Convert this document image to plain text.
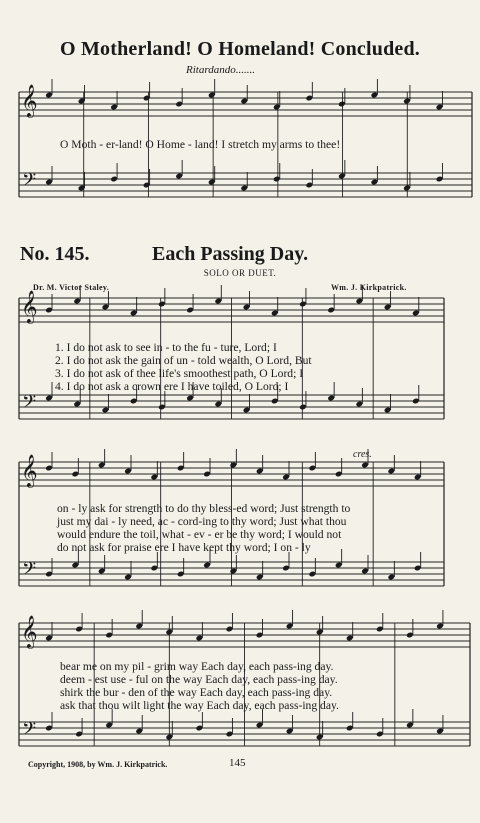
𝄞
𝄢
𝄞
𝄢
𝄞
𝄢
𝄞
𝄢
O Motherland! O Homeland! Concluded.
Ritardando.......
O Moth - er-land! O Home - land! I stretch my arms to thee!
No. 145.	Each Passing Day.
SOLO OR DUET.
Dr. M. Victor Staley.	Wm. J. Kirkpatrick.
1. I do not ask to see in - to the fu - ture, Lord; I
2. I do not ask the gain of un - told wealth, O Lord, But
3. I do not ask of thee life's smoothest path, O Lord; I
4. I do not ask a crown ere I have toiled, O Lord; I
cres.
on - ly ask for strength to do thy bless-ed word; Just strength to
just my dai - ly need, ac - cord-ing to thy word; Just what thou
would endure the toil, what - ev - er be thy word; I would not
do not ask for praise ere I have kept thy word; I on - ly
bear me on my pil - grim way Each day, each pass-ing day.
deem - est use - ful on the way Each day, each pass-ing day.
shirk the bur - den of the way Each day, each pass-ing day.
ask that thou wilt light the way Each day, each pass-ing day.
Copyright, 1908, by Wm. J. Kirkpatrick.	145
